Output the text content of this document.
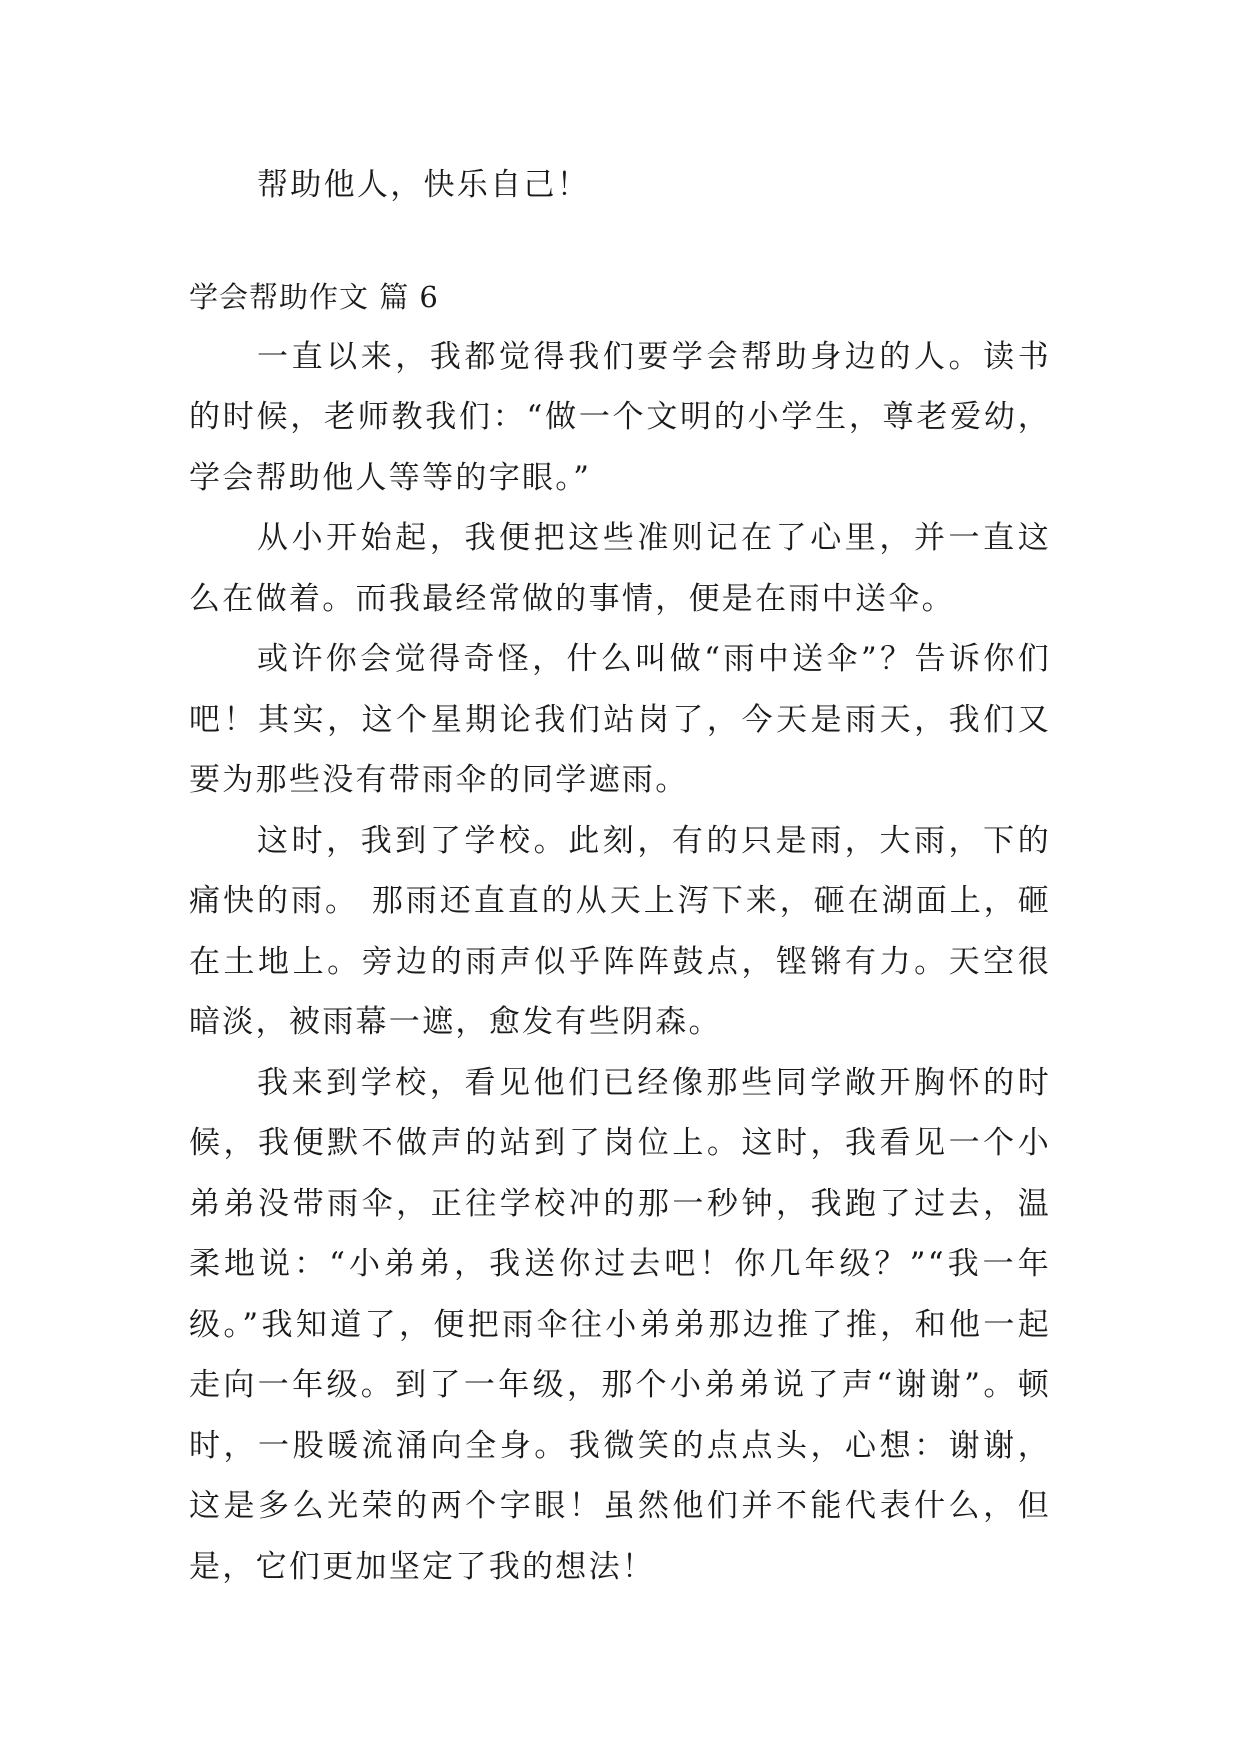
帮助他人，快乐自己！

学会帮助作文 篇 6

一直以来，我都觉得我们要学会帮助身边的人。读书的时候，老师教我们：“做一个文明的小学生，尊老爱幼，学会帮助他人等等的字眼。”

从小开始起，我便把这些准则记在了心里，并一直这么在做着。而我最经常做的事情，便是在雨中送伞。

或许你会觉得奇怪，什么叫做“雨中送伞”？告诉你们吧！其实，这个星期论我们站岗了，今天是雨天，我们又要为那些没有带雨伞的同学遮雨。

这时，我到了学校。此刻，有的只是雨，大雨，下的痛快的雨。 那雨还直直的从天上泻下来，砸在湖面上，砸在土地上。旁边的雨声似乎阵阵鼓点，铿锵有力。天空很暗淡，被雨幕一遮，愈发有些阴森。

我来到学校，看见他们已经像那些同学敞开胸怀的时候，我便默不做声的站到了岗位上。这时，我看见一个小弟弟没带雨伞，正往学校冲的那一秒钟，我跑了过去，温柔地说：“小弟弟，我送你过去吧！你几年级？”“我一年级。”我知道了，便把雨伞往小弟弟那边推了推，和他一起走向一年级。到了一年级，那个小弟弟说了声“谢谢”。顿时，一股暖流涌向全身。我微笑的点点头，心想：谢谢，这是多么光荣的两个字眼！虽然他们并不能代表什么，但是，它们更加坚定了我的想法！
